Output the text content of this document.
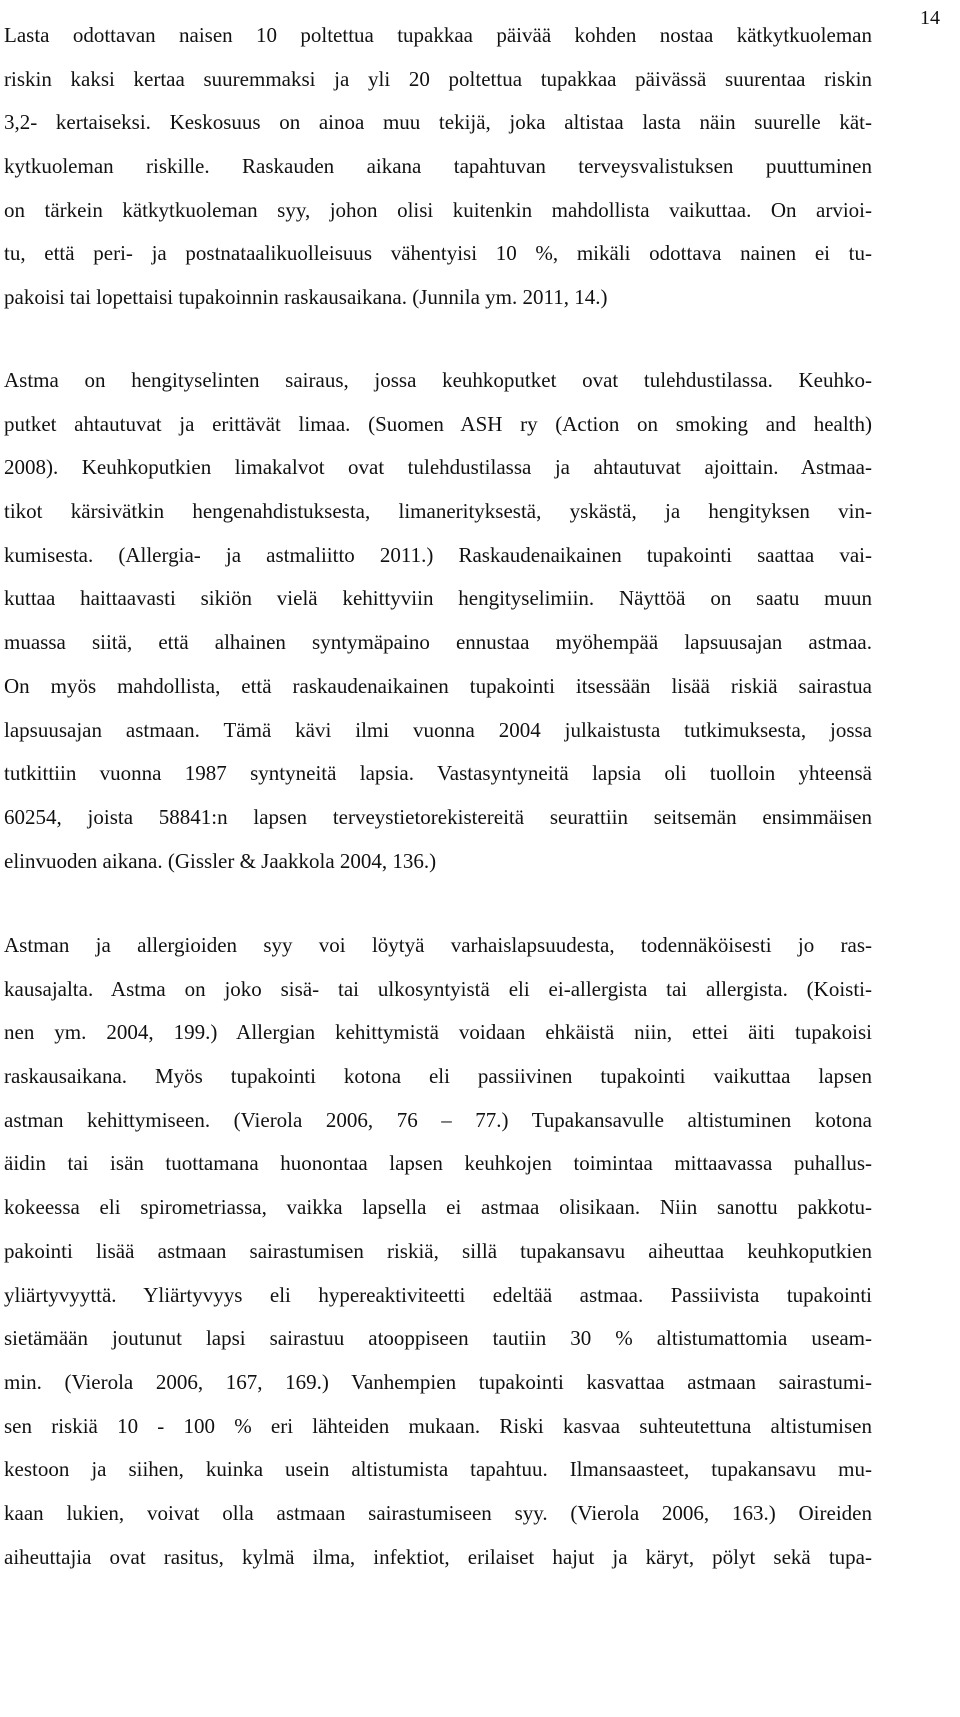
14
Lasta odottavan naisen 10 poltettua tupakkaa päivää kohden nostaa kätkytkuoleman
riskin kaksi kertaa suuremmaksi ja yli 20 poltettua tupakkaa päivässä suurentaa riskin
3,2- kertaiseksi. Keskosuus on ainoa muu tekijä, joka altistaa lasta näin suurelle kät-
kytkuoleman riskille. Raskauden aikana tapahtuvan terveysvalistuksen puuttuminen
on tärkein kätkytkuoleman syy, johon olisi kuitenkin mahdollista vaikuttaa. On arvioi-
tu, että peri- ja postnataalikuolleisuus vähentyisi 10 %, mikäli odottava nainen ei tu-
pakoisi tai lopettaisi tupakoinnin raskausaikana. (Junnila ym. 2011, 14.)
Astma on hengityselinten sairaus, jossa keuhkoputket ovat tulehdustilassa. Keuhko-
putket ahtautuvat ja erittävät limaa. (Suomen ASH ry (Action on smoking and health)
2008). Keuhkoputkien limakalvot ovat tulehdustilassa ja ahtautuvat ajoittain. Astmaa-
tikot kärsivätkin hengenahdistuksesta, limanerityksestä, yskästä, ja hengityksen vin-
kumisesta. (Allergia- ja astmaliitto 2011.) Raskaudenaikainen tupakointi saattaa vai-
kuttaa haittaavasti sikiön vielä kehittyviin hengityselimiin. Näyttöä on saatu muun
muassa siitä, että alhainen syntymäpaino ennustaa myöhempää lapsuusajan astmaa.
On myös mahdollista, että raskaudenaikainen tupakointi itsessään lisää riskiä sairastua
lapsuusajan astmaan. Tämä kävi ilmi vuonna 2004 julkaistusta tutkimuksesta, jossa
tutkittiin vuonna 1987 syntyneitä lapsia. Vastasyntyneitä lapsia oli tuolloin yhteensä
60254, joista 58841:n lapsen terveystietorekistereitä seurattiin seitsemän ensimmäisen
elinvuoden aikana. (Gissler & Jaakkola 2004, 136.)
Astman ja allergioiden syy voi löytyä varhaislapsuudesta, todennäköisesti jo ras-
kausajalta. Astma on joko sisä- tai ulkosyntyistä eli ei-allergista tai allergista. (Koisti-
nen ym. 2004, 199.) Allergian kehittymistä voidaan ehkäistä niin, ettei äiti tupakoisi
raskausaikana. Myös tupakointi kotona eli passiivinen tupakointi vaikuttaa lapsen
astman kehittymiseen. (Vierola 2006, 76 – 77.) Tupakansavulle altistuminen kotona
äidin tai isän tuottamana huonontaa lapsen keuhkojen toimintaa mittaavassa puhallus-
kokeessa eli spirometriassa, vaikka lapsella ei astmaa olisikaan. Niin sanottu pakkotu-
pakointi lisää astmaan sairastumisen riskiä, sillä tupakansavu aiheuttaa keuhkoputkien
yliärtyvyyttä. Yliärtyvyys eli hypereaktiviteetti edeltää astmaa. Passiivista tupakointi
sietämään joutunut lapsi sairastuu atooppiseen tautiin 30 % altistumattomia useam-
min. (Vierola 2006, 167, 169.) Vanhempien tupakointi kasvattaa astmaan sairastumi-
sen riskiä 10 - 100 % eri lähteiden mukaan. Riski kasvaa suhteutettuna altistumisen
kestoon ja siihen, kuinka usein altistumista tapahtuu. Ilmansaasteet, tupakansavu mu-
kaan lukien, voivat olla astmaan sairastumiseen syy. (Vierola 2006, 163.) Oireiden
aiheuttajia ovat rasitus, kylmä ilma, infektiot, erilaiset hajut ja käryt, pölyt sekä tupa-
